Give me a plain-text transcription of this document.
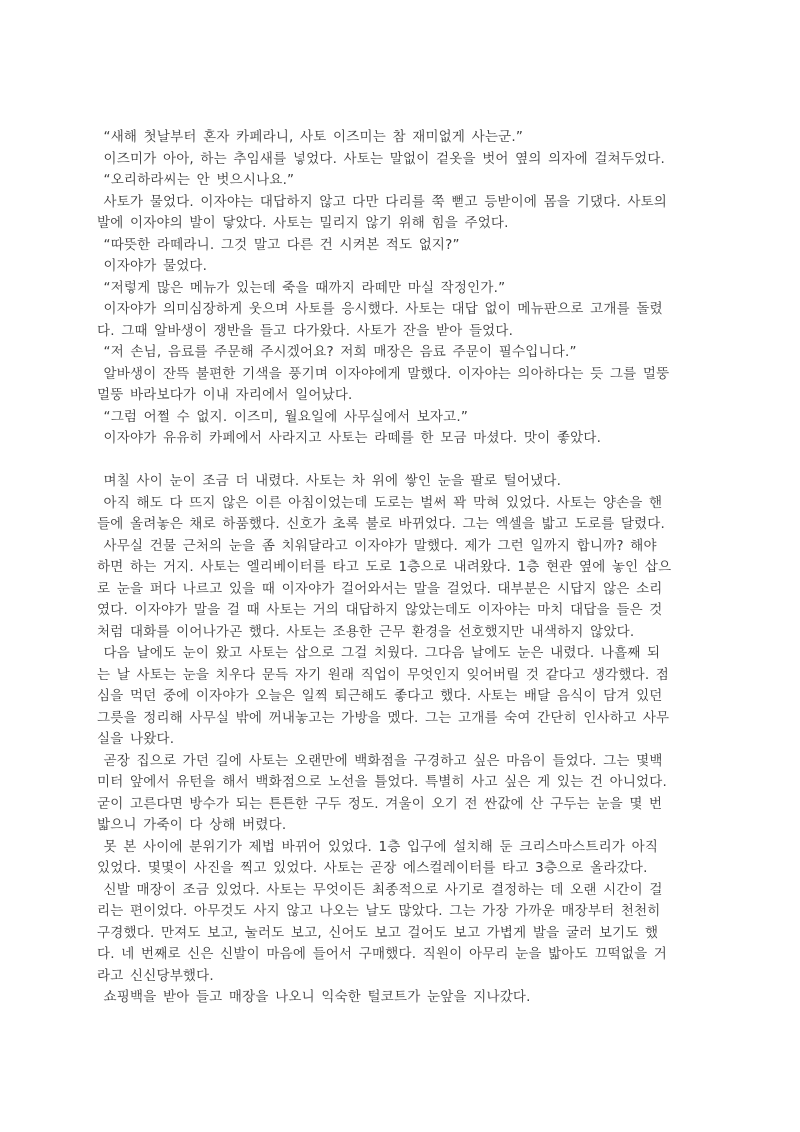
“새해 첫날부터 혼자 카페라니, 사토 이즈미는 참 재미없게 사는군.”
이즈미가 아아, 하는 추임새를 넣었다. 사토는 말없이 겉옷을 벗어 옆의 의자에 걸쳐두었다.
“오리하라씨는 안 벗으시나요.”
사토가 물었다. 이자야는 대답하지 않고 다만 다리를 쭉 뻗고 등받이에 몸을 기댔다. 사토의
발에 이자야의 발이 닿았다. 사토는 밀리지 않기 위해 힘을 주었다.
“따뜻한 라떼라니. 그것 말고 다른 건 시켜본 적도 없지?”
이자야가 물었다.
“저렇게 많은 메뉴가 있는데 죽을 때까지 라떼만 마실 작정인가.”
이자야가 의미심장하게 웃으며 사토를 응시했다. 사토는 대답 없이 메뉴판으로 고개를 돌렸
다. 그때 알바생이 쟁반을 들고 다가왔다. 사토가 잔을 받아 들었다.
“저 손님, 음료를 주문해 주시겠어요? 저희 매장은 음료 주문이 필수입니다.”
알바생이 잔뜩 불편한 기색을 풍기며 이자야에게 말했다. 이자야는 의아하다는 듯 그를 멀뚱
멀뚱 바라보다가 이내 자리에서 일어났다.
“그럼 어쩔 수 없지. 이즈미, 월요일에 사무실에서 보자고.”
이자야가 유유히 카페에서 사라지고 사토는 라떼를 한 모금 마셨다. 맛이 좋았다.

며칠 사이 눈이 조금 더 내렸다. 사토는 차 위에 쌓인 눈을 팔로 털어냈다.
아직 해도 다 뜨지 않은 이른 아침이었는데 도로는 벌써 꽉 막혀 있었다. 사토는 양손을 핸
들에 올려놓은 채로 하품했다. 신호가 초록 불로 바뀌었다. 그는 엑셀을 밟고 도로를 달렸다.
사무실 건물 근처의 눈을 좀 치워달라고 이자야가 말했다. 제가 그런 일까지 합니까? 해야
하면 하는 거지. 사토는 엘리베이터를 타고 도로 1층으로 내려왔다. 1층 현관 옆에 놓인 삽으
로 눈을 퍼다 나르고 있을 때 이자야가 걸어와서는 말을 걸었다. 대부분은 시답지 않은 소리
였다. 이자야가 말을 걸 때 사토는 거의 대답하지 않았는데도 이자야는 마치 대답을 들은 것
처럼 대화를 이어나가곤 했다. 사토는 조용한 근무 환경을 선호했지만 내색하지 않았다.
다음 날에도 눈이 왔고 사토는 삽으로 그걸 치웠다. 그다음 날에도 눈은 내렸다. 나흘째 되
는 날 사토는 눈을 치우다 문득 자기 원래 직업이 무엇인지 잊어버릴 것 같다고 생각했다. 점
심을 먹던 중에 이자야가 오늘은 일찍 퇴근해도 좋다고 했다. 사토는 배달 음식이 담겨 있던
그릇을 정리해 사무실 밖에 꺼내놓고는 가방을 멨다. 그는 고개를 숙여 간단히 인사하고 사무
실을 나왔다.
곧장 집으로 가던 길에 사토는 오랜만에 백화점을 구경하고 싶은 마음이 들었다. 그는 몇백
미터 앞에서 유턴을 해서 백화점으로 노선을 틀었다. 특별히 사고 싶은 게 있는 건 아니었다.
굳이 고른다면 방수가 되는 튼튼한 구두 정도. 겨울이 오기 전 싼값에 산 구두는 눈을 몇 번
밟으니 가죽이 다 상해 버렸다.
못 본 사이에 분위기가 제법 바뀌어 있었다. 1층 입구에 설치해 둔 크리스마스트리가 아직
있었다. 몇몇이 사진을 찍고 있었다. 사토는 곧장 에스컬레이터를 타고 3층으로 올라갔다.
신발 매장이 조금 있었다. 사토는 무엇이든 최종적으로 사기로 결정하는 데 오랜 시간이 걸
리는 편이었다. 아무것도 사지 않고 나오는 날도 많았다. 그는 가장 가까운 매장부터 천천히
구경했다. 만져도 보고, 눌러도 보고, 신어도 보고 걸어도 보고 가볍게 발을 굴러 보기도 했
다. 네 번째로 신은 신발이 마음에 들어서 구매했다. 직원이 아무리 눈을 밟아도 끄떡없을 거
라고 신신당부했다.
쇼핑백을 받아 들고 매장을 나오니 익숙한 털코트가 눈앞을 지나갔다.
